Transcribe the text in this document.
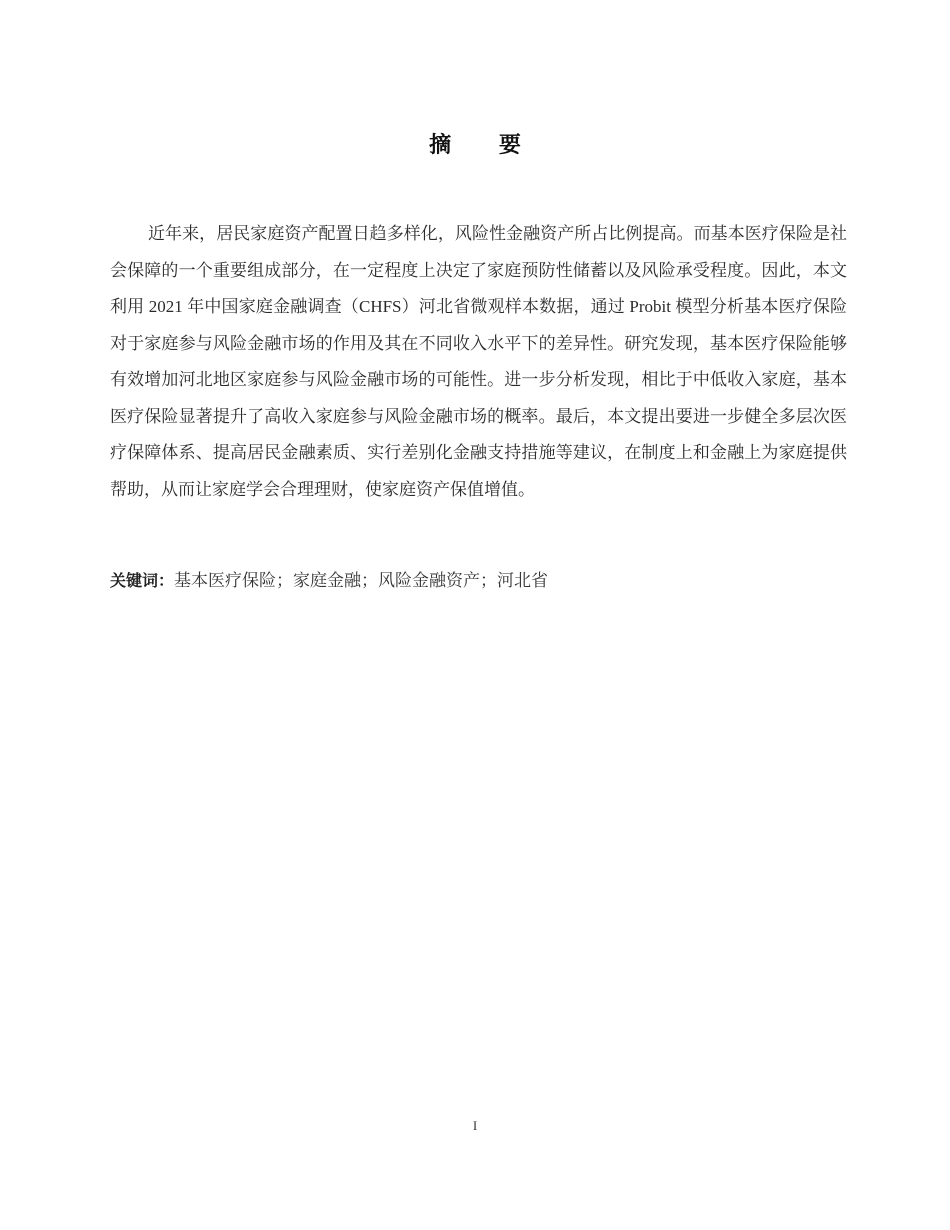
摘 要

近年来，居民家庭资产配置日趋多样化，风险性金融资产所占比例提高。而基本医疗保险是社会保障的一个重要组成部分，在一定程度上决定了家庭预防性储蓄以及风险承受程度。因此，本文利用 2021 年中国家庭金融调查（CHFS）河北省微观样本数据，通过 Probit 模型分析基本医疗保险对于家庭参与风险金融市场的作用及其在不同收入水平下的差异性。研究发现，基本医疗保险能够有效增加河北地区家庭参与风险金融市场的可能性。进一步分析发现，相比于中低收入家庭，基本医疗保险显著提升了高收入家庭参与风险金融市场的概率。最后，本文提出要进一步健全多层次医疗保障体系、提高居民金融素质、实行差别化金融支持措施等建议，在制度上和金融上为家庭提供帮助，从而让家庭学会合理理财，使家庭资产保值增值。

关键词：基本医疗保险；家庭金融；风险金融资产；河北省
I
